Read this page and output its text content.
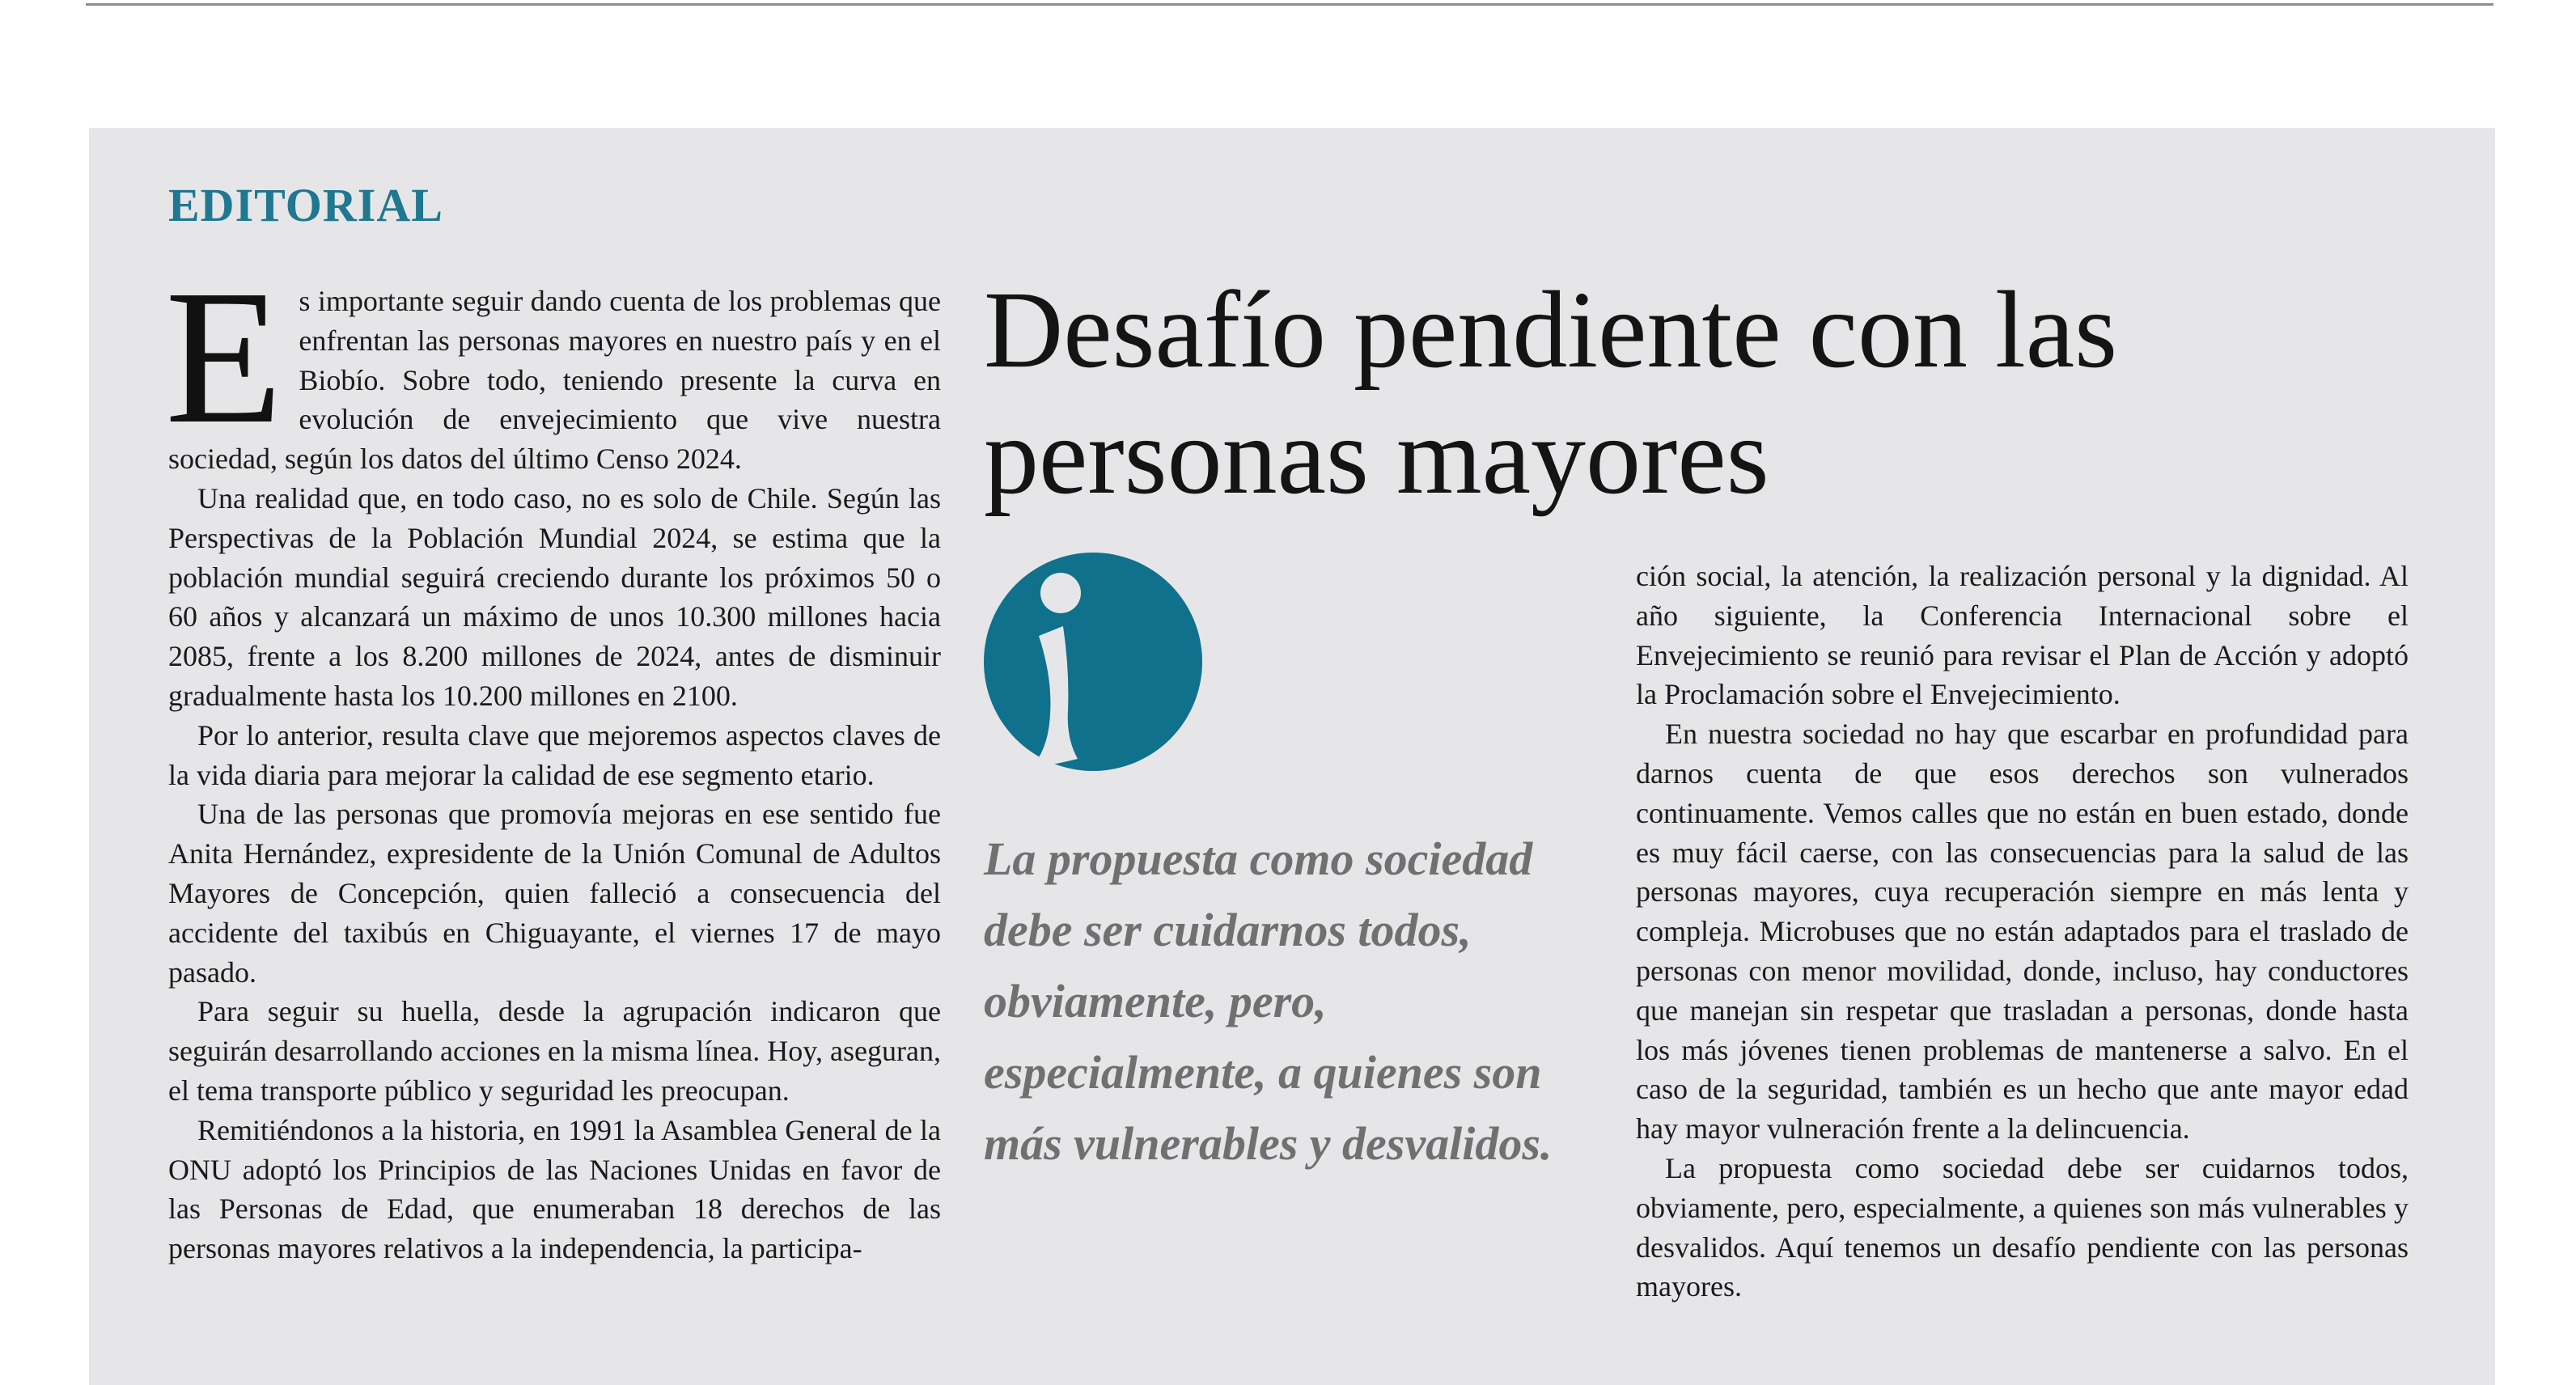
EDITORIAL

Es importante seguir dando cuenta de los problemas que enfrentan las personas mayores en nuestro país y en el Biobío. Sobre todo, teniendo presente la curva en evolución de envejecimiento que vive nuestra sociedad, según los datos del último Censo 2024.

Una realidad que, en todo caso, no es solo de Chile. Según las Perspectivas de la Población Mundial 2024, se estima que la población mundial seguirá creciendo durante los próximos 50 o 60 años y alcanzará un máximo de unos 10.300 millones hacia 2085, frente a los 8.200 millones de 2024, antes de disminuir gradualmente hasta los 10.200 millones en 2100.

Por lo anterior, resulta clave que mejoremos aspectos claves de la vida diaria para mejorar la calidad de ese segmento etario.

Una de las personas que promovía mejoras en ese sentido fue Anita Hernández, expresidente de la Unión Comunal de Adultos Mayores de Concepción, quien falleció a consecuencia del accidente del taxibús en Chiguayante, el viernes 17 de mayo pasado.

Para seguir su huella, desde la agrupación indicaron que seguirán desarrollando acciones en la misma línea. Hoy, aseguran, el tema transporte público y seguridad les preocupan.

Remitiéndonos a la historia, en 1991 la Asamblea General de la ONU adoptó los Principios de las Naciones Unidas en favor de las Personas de Edad, que enumeraban 18 derechos de las personas mayores relativos a la independencia, la participa-

Desafío pendiente con las personas mayores
La propuesta como sociedad debe ser cuidarnos todos, obviamente, pero, especialmente, a quienes son más vulnerables y desvalidos.

ción social, la atención, la realización personal y la dignidad. Al año siguiente, la Conferencia Internacional sobre el Envejecimiento se reunió para revisar el Plan de Acción y adoptó la Proclamación sobre el Envejecimiento.

En nuestra sociedad no hay que escarbar en profundidad para darnos cuenta de que esos derechos son vulnerados continuamente. Vemos calles que no están en buen estado, donde es muy fácil caerse, con las consecuencias para la salud de las personas mayores, cuya recuperación siempre en más lenta y compleja. Microbuses que no están adaptados para el traslado de personas con menor movilidad, donde, incluso, hay conductores que manejan sin respetar que trasladan a personas, donde hasta los más jóvenes tienen problemas de mantenerse a salvo. En el caso de la seguridad, también es un hecho que ante mayor edad hay mayor vulneración frente a la delincuencia.

La propuesta como sociedad debe ser cuidarnos todos, obviamente, pero, especialmente, a quienes son más vulnerables y desvalidos. Aquí tenemos un desafío pendiente con las personas mayores.
